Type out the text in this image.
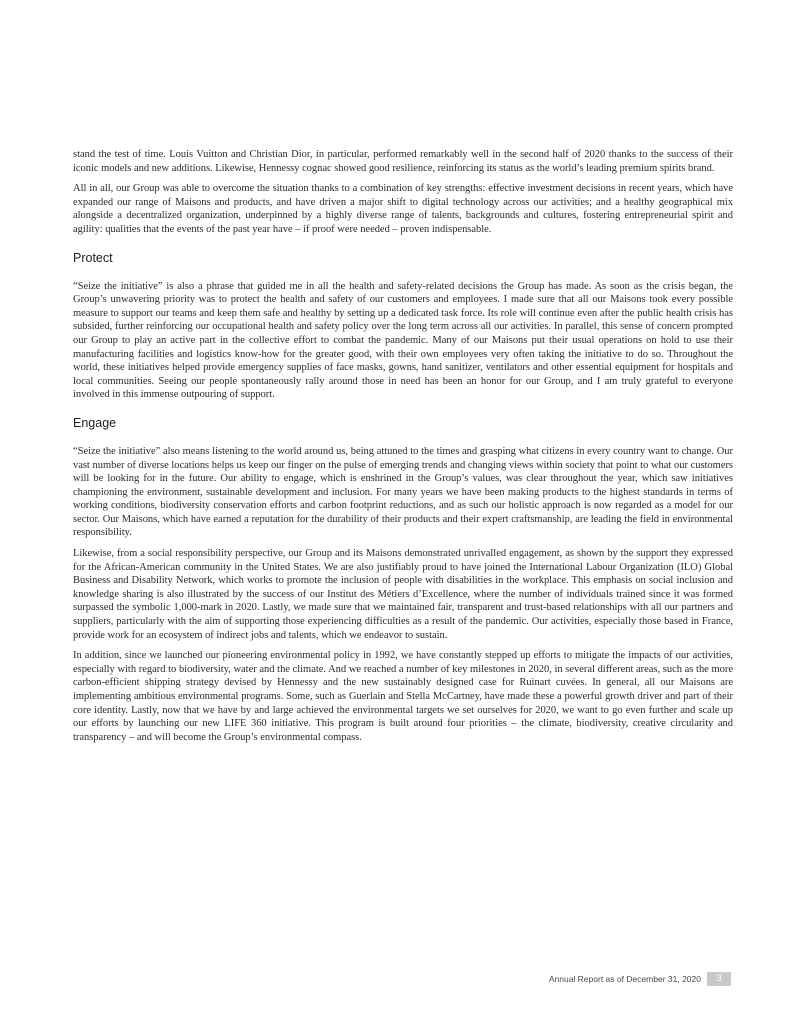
stand the test of time. Louis Vuitton and Christian Dior, in particular, performed remarkably well in the second half of 2020 thanks to the success of their iconic models and new additions. Likewise, Hennessy cognac showed good resilience, reinforcing its status as the world’s leading premium spirits brand.

All in all, our Group was able to overcome the situation thanks to a combination of key strengths: effective investment decisions in recent years, which have expanded our range of Maisons and products, and have driven a major shift to digital technology across our activities; and a healthy geographical mix alongside a decentralized organization, underpinned by a highly diverse range of talents, backgrounds and cultures, fostering entrepreneurial spirit and agility: qualities that the events of the past year have – if proof were needed – proven indispensable.

Protect

“Seize the initiative” is also a phrase that guided me in all the health and safety-related decisions the Group has made. As soon as the crisis began, the Group’s unwavering priority was to protect the health and safety of our customers and employees. I made sure that all our Maisons took every possible measure to support our teams and keep them safe and healthy by setting up a dedicated task force. Its role will continue even after the public health crisis has subsided, further reinforcing our occupational health and safety policy over the long term across all our activities. In parallel, this sense of concern prompted our Group to play an active part in the collective effort to combat the pandemic. Many of our Maisons put their usual operations on hold to use their manufacturing facilities and logistics know-how for the greater good, with their own employees very often taking the initiative to do so. Throughout the world, these initiatives helped provide emergency supplies of face masks, gowns, hand sanitizer, ventilators and other essential equipment for hospitals and local communities. Seeing our people spontaneously rally around those in need has been an honor for our Group, and I am truly grateful to everyone involved in this immense outpouring of support.

Engage

“Seize the initiative” also means listening to the world around us, being attuned to the times and grasping what citizens in every country want to change. Our vast number of diverse locations helps us keep our finger on the pulse of emerging trends and changing views within society that point to what our customers will be looking for in the future. Our ability to engage, which is enshrined in the Group’s values, was clear throughout the year, which saw initiatives championing the environment, sustainable development and inclusion. For many years we have been making products to the highest standards in terms of working conditions, biodiversity conservation efforts and carbon footprint reductions, and as such our holistic approach is now regarded as a model for our sector. Our Maisons, which have earned a reputation for the durability of their products and their expert craftsmanship, are leading the field in environmental responsibility.

Likewise, from a social responsibility perspective, our Group and its Maisons demonstrated unrivalled engagement, as shown by the support they expressed for the African-American community in the United States. We are also justifiably proud to have joined the International Labour Organization (ILO) Global Business and Disability Network, which works to promote the inclusion of people with disabilities in the workplace. This emphasis on social inclusion and knowledge sharing is also illustrated by the success of our Institut des Métiers d’Excellence, where the number of individuals trained since it was formed surpassed the symbolic 1,000-mark in 2020. Lastly, we made sure that we maintained fair, transparent and trust-based relationships with all our partners and suppliers, particularly with the aim of supporting those experiencing difficulties as a result of the pandemic. Our activities, especially those based in France, provide work for an ecosystem of indirect jobs and talents, which we endeavor to sustain.

In addition, since we launched our pioneering environmental policy in 1992, we have constantly stepped up efforts to mitigate the impacts of our activities, especially with regard to biodiversity, water and the climate. And we reached a number of key milestones in 2020, in several different areas, such as the more carbon-efficient shipping strategy devised by Hennessy and the new sustainably designed case for Ruinart cuvées. In general, all our Maisons are implementing ambitious environmental programs. Some, such as Guerlain and Stella McCartney, have made these a powerful growth driver and part of their core identity. Lastly, now that we have by and large achieved the environmental targets we set ourselves for 2020, we want to go even further and scale up our efforts by launching our new LIFE 360 initiative. This program is built around four priorities – the climate, biodiversity, creative circularity and transparency – and will become the Group’s environmental compass.

Annual Report as of December 31, 2020	3
